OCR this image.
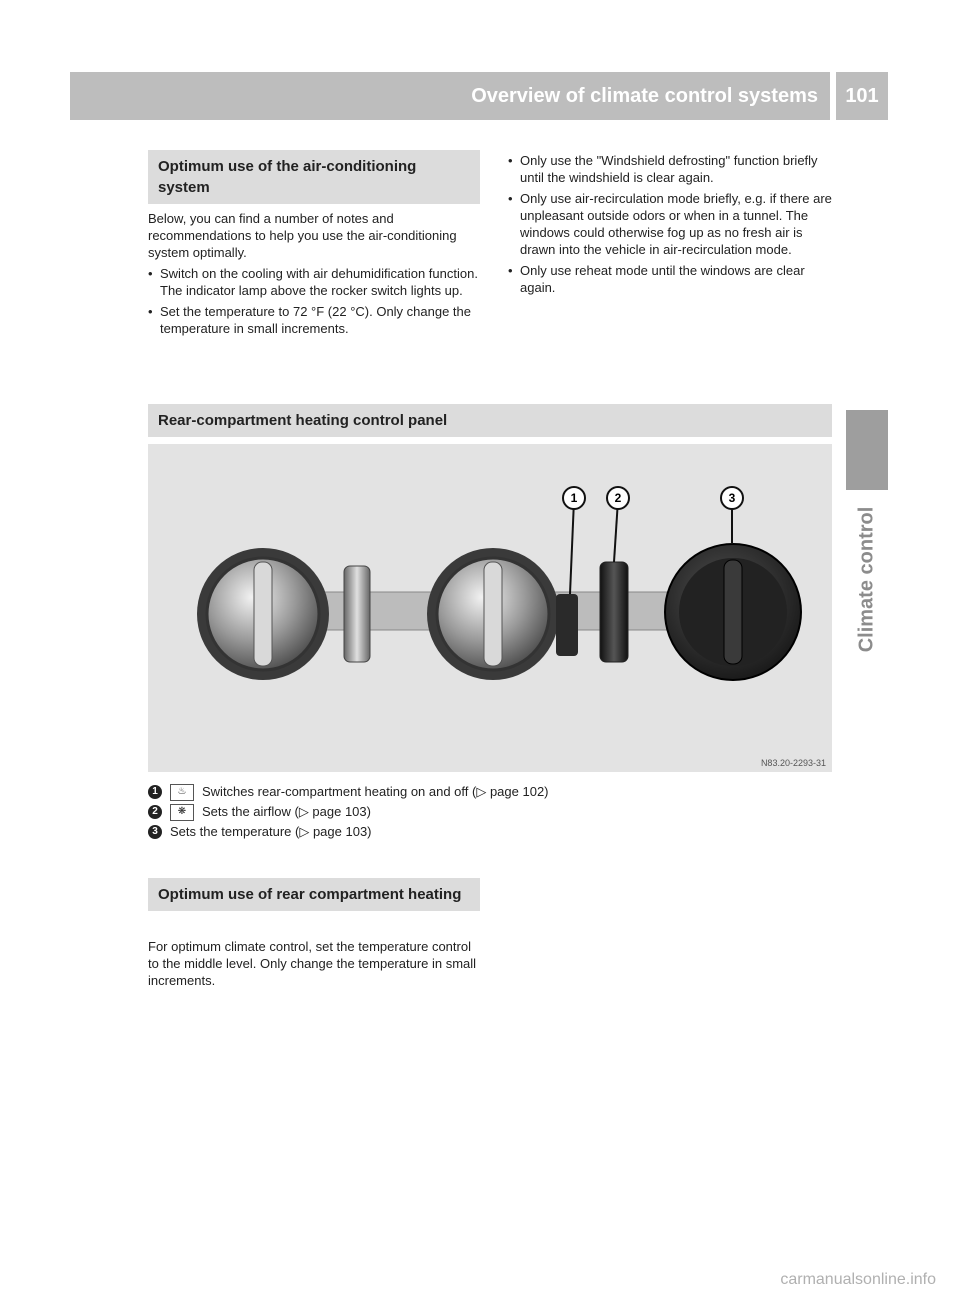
Overview of climate control systems	101
Climate control
Optimum use of the air-conditioning system

Below, you can find a number of notes and recommendations to help you use the air-conditioning system optimally.

• Switch on the cooling with air dehumidification function. The indicator lamp above the rocker switch lights up.
• Set the temperature to 72 °F (22 °C). Only change the temperature in small increments.
• Only use the "Windshield defrosting" function briefly until the windshield is clear again.
• Only use air-recirculation mode briefly, e.g. if there are unpleasant outside odors or when in a tunnel. The windows could otherwise fog up as no fresh air is drawn into the vehicle in air-recirculation mode.
• Only use reheat mode until the windows are clear again.
Rear-compartment heating control panel
1	2	3
N83.20-2293-31
1	♨	Switches rear-compartment heating on and off (▷ page 102)
2	❋	Sets the airflow (▷ page 103)
3 Sets the temperature (▷ page 103)
Optimum use of rear compartment heating
For optimum climate control, set the temperature control to the middle level. Only change the temperature in small increments.
carmanualsonline.info
